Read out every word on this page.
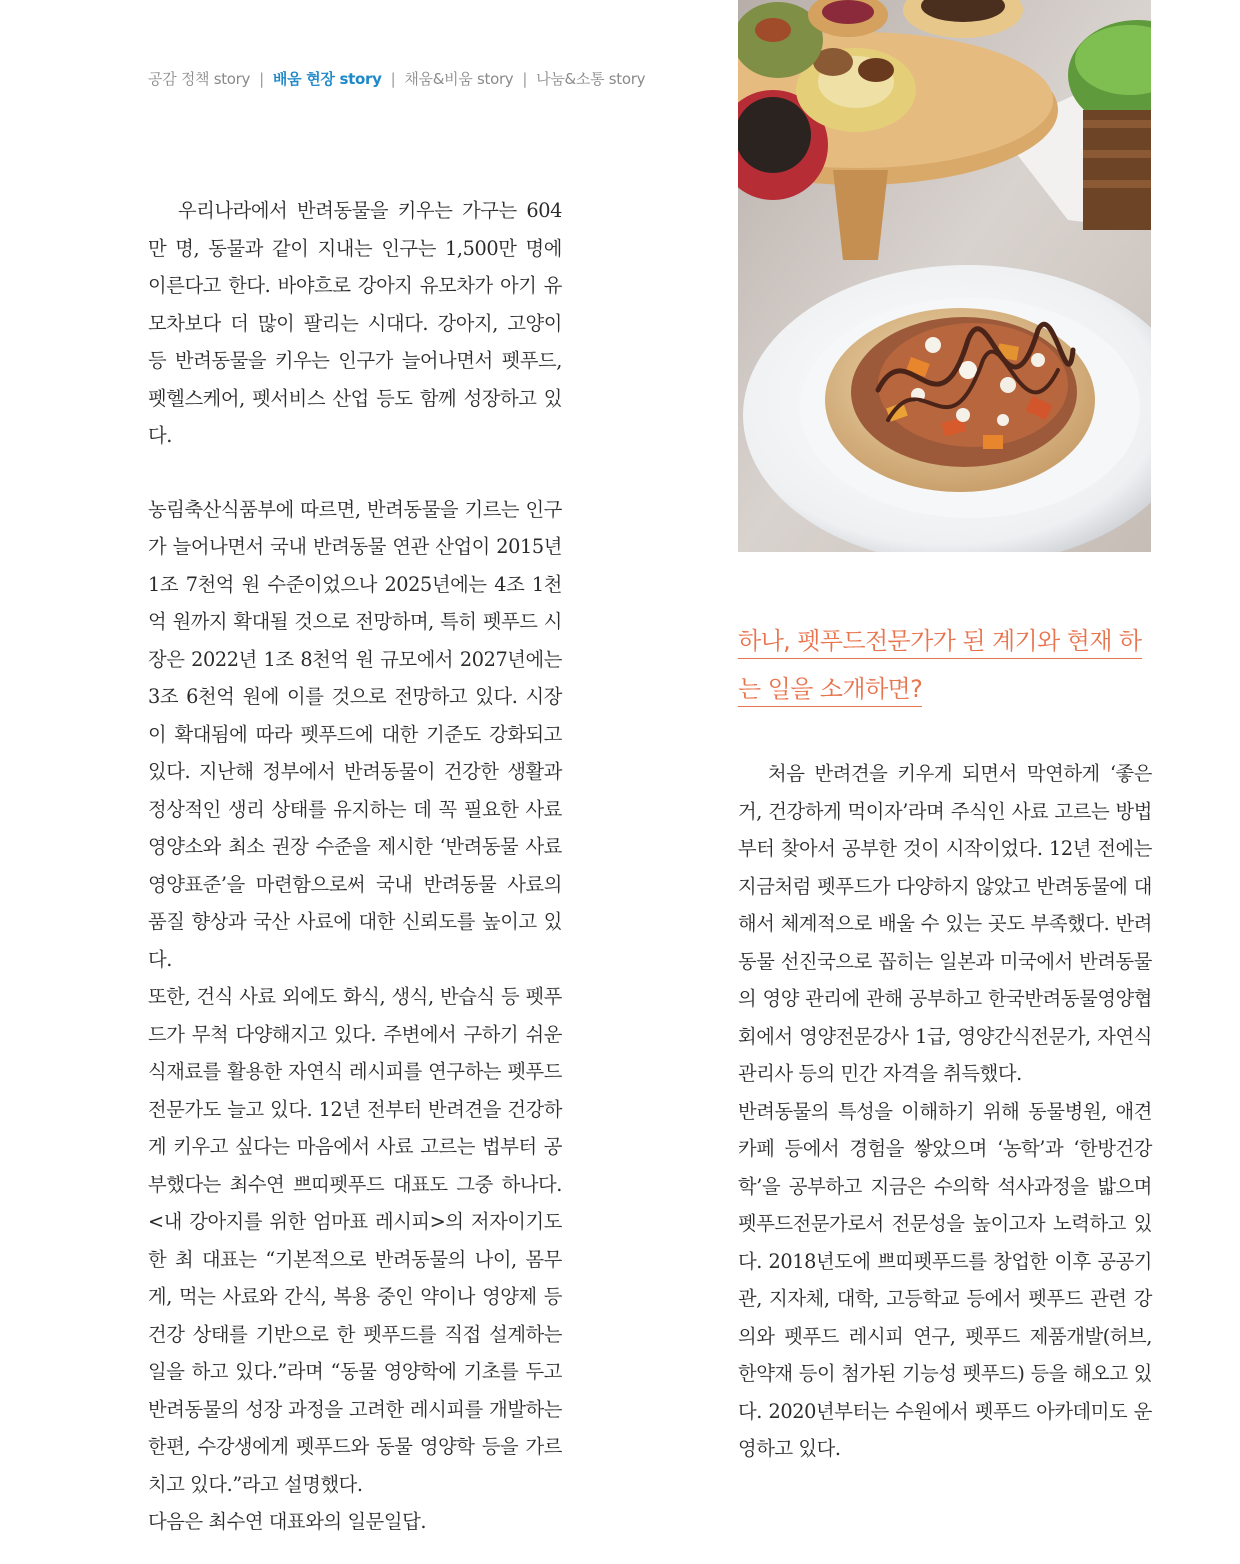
공감 정책 story | 배움 현장 story | 채움&비움 story | 나눔&소통 story

우리나라에서 반려동물을 키우는 가구는 604만 명, 동물과 같이 지내는 인구는 1,500만 명에 이른다고 한다. 바야흐로 강아지 유모차가 아기 유모차보다 더 많이 팔리는 시대다. 강아지, 고양이 등 반려동물을 키우는 인구가 늘어나면서 펫푸드, 펫헬스케어, 펫서비스 산업 등도 함께 성장하고 있다.

농림축산식품부에 따르면, 반려동물을 기르는 인구가 늘어나면서 국내 반려동물 연관 산업이 2015년 1조 7천억 원 수준이었으나 2025년에는 4조 1천억 원까지 확대될 것으로 전망하며, 특히 펫푸드 시장은 2022년 1조 8천억 원 규모에서 2027년에는 3조 6천억 원에 이를 것으로 전망하고 있다. 시장이 확대됨에 따라 펫푸드에 대한 기준도 강화되고 있다. 지난해 정부에서 반려동물이 건강한 생활과 정상적인 생리 상태를 유지하는 데 꼭 필요한 사료 영양소와 최소 권장 수준을 제시한 ‘반려동물 사료 영양표준’을 마련함으로써 국내 반려동물 사료의 품질 향상과 국산 사료에 대한 신뢰도를 높이고 있다.

또한, 건식 사료 외에도 화식, 생식, 반습식 등 펫푸드가 무척 다양해지고 있다. 주변에서 구하기 쉬운 식재료를 활용한 자연식 레시피를 연구하는 펫푸드 전문가도 늘고 있다. 12년 전부터 반려견을 건강하게 키우고 싶다는 마음에서 사료 고르는 법부터 공부했다는 최수연 쁘띠펫푸드 대표도 그중 하나다. <내 강아지를 위한 엄마표 레시피>의 저자이기도 한 최 대표는 “기본적으로 반려동물의 나이, 몸무게, 먹는 사료와 간식, 복용 중인 약이나 영양제 등 건강 상태를 기반으로 한 펫푸드를 직접 설계하는 일을 하고 있다.”라며 “동물 영양학에 기초를 두고 반려동물의 성장 과정을 고려한 레시피를 개발하는 한편, 수강생에게 펫푸드와 동물 영양학 등을 가르치고 있다.”라고 설명했다.

다음은 최수연 대표와의 일문일답.

하나, 펫푸드전문가가 된 계기와 현재 하는 일을 소개하면?

처음 반려견을 키우게 되면서 막연하게 ‘좋은 거, 건강하게 먹이자’라며 주식인 사료 고르는 방법부터 찾아서 공부한 것이 시작이었다. 12년 전에는 지금처럼 펫푸드가 다양하지 않았고 반려동물에 대해서 체계적으로 배울 수 있는 곳도 부족했다. 반려동물 선진국으로 꼽히는 일본과 미국에서 반려동물의 영양 관리에 관해 공부하고 한국반려동물영양협회에서 영양전문강사 1급, 영양간식전문가, 자연식 관리사 등의 민간 자격을 취득했다.

반려동물의 특성을 이해하기 위해 동물병원, 애견카페 등에서 경험을 쌓았으며 ‘농학’과 ‘한방건강학’을 공부하고 지금은 수의학 석사과정을 밟으며 펫푸드전문가로서 전문성을 높이고자 노력하고 있다. 2018년도에 쁘띠펫푸드를 창업한 이후 공공기관, 지자체, 대학, 고등학교 등에서 펫푸드 관련 강의와 펫푸드 레시피 연구, 펫푸드 제품개발(허브, 한약재 등이 첨가된 기능성 펫푸드) 등을 해오고 있다. 2020년부터는 수원에서 펫푸드 아카데미도 운영하고 있다.
